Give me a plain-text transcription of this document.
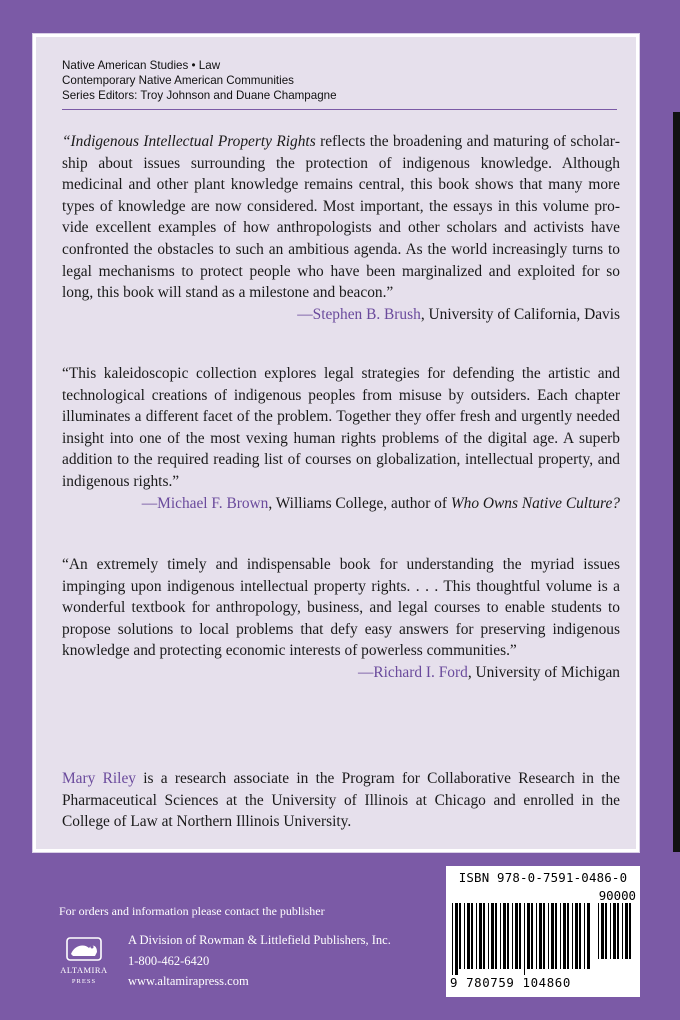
Native American Studies • Law
Contemporary Native American Communities
Series Editors: Troy Johnson and Duane Champagne
“Indigenous Intellectual Property Rights reflects the broadening and maturing of scholarship about issues surrounding the protection of indigenous knowledge. Although medicinal and other plant knowledge remains central, this book shows that many more types of knowledge are now considered. Most important, the essays in this volume provide excellent examples of how anthropologists and other scholars and activists have confronted the obstacles to such an ambitious agenda. As the world increasingly turns to legal mechanisms to protect people who have been marginalized and exploited for so long, this book will stand as a milestone and beacon.”
—Stephen B. Brush, University of California, Davis
“This kaleidoscopic collection explores legal strategies for defending the artistic and technological creations of indigenous peoples from misuse by outsiders. Each chapter illuminates a different facet of the problem. Together they offer fresh and urgently needed insight into one of the most vexing human rights problems of the digital age. A superb addition to the required reading list of courses on globalization, intellectual property, and indigenous rights.”
—Michael F. Brown, Williams College, author of Who Owns Native Culture?
“An extremely timely and indispensable book for understanding the myriad issues impinging upon indigenous intellectual property rights. . . . This thoughtful volume is a wonderful textbook for anthropology, business, and legal courses to enable students to propose solutions to local problems that defy easy answers for preserving indigenous knowledge and protecting economic interests of powerless communities.”
—Richard I. Ford, University of Michigan
Mary Riley is a research associate in the Program for Collaborative Research in the Pharmaceutical Sciences at the University of Illinois at Chicago and enrolled in the College of Law at Northern Illinois University.
For orders and information please contact the publisher
ALTAMIRA
PRESS
A Division of Rowman & Littlefield Publishers, Inc.
1-800-462-6420
www.altamirapress.com
ISBN 978-0-7591-0486-0
90000
9 780759 104860
